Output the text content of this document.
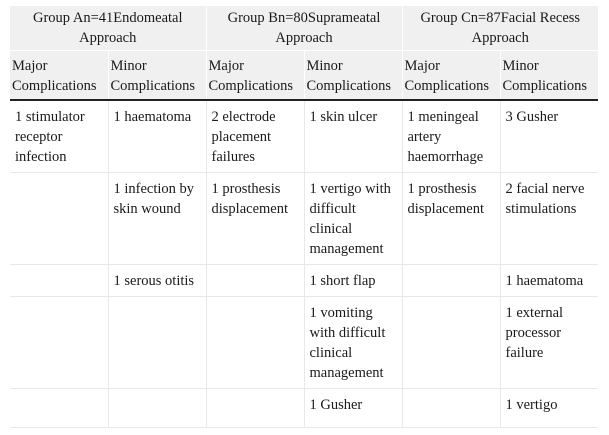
Group An=41Endomeatal Approach		Group Bn=80Suprameatal Approach		Group Cn=87Facial Recess Approach	

Major Complications	Minor Complications	Major Complications	Minor Complications	Major Complications	Minor Complications

1 stimulator receptor infection	1 haematoma	2 electrode placement failures	1 skin ulcer	1 meningeal artery haemorrhage	3 Gusher
	1 infection by skin wound	1 prosthesis displacement	1 vertigo with difficult clinical management	1 prosthesis displacement	2 facial nerve stimulations
	1 serous otitis		1 short flap		1 haematoma
			1 vomiting with difficult clinical management		1 external processor failure
			1 Gusher		1 vertigo
